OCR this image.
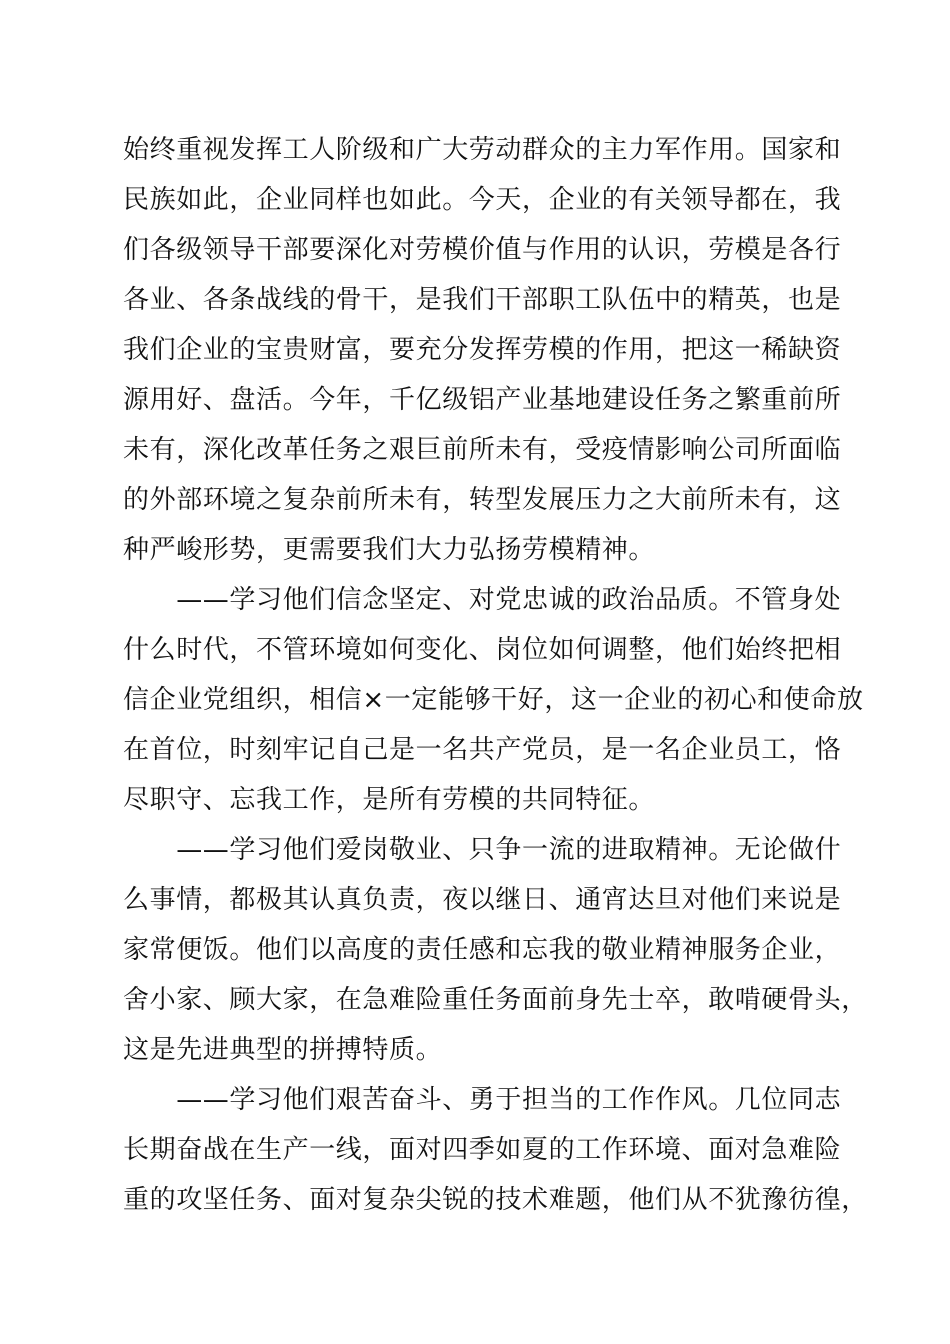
始终重视发挥工人阶级和广大劳动群众的主力军作用。国家和
民族如此，企业同样也如此。今天，企业的有关领导都在，我
们各级领导干部要深化对劳模价值与作用的认识，劳模是各行
各业、各条战线的骨干，是我们干部职工队伍中的精英，也是
我们企业的宝贵财富，要充分发挥劳模的作用，把这一稀缺资
源用好、盘活。今年，千亿级铝产业基地建设任务之繁重前所
未有，深化改革任务之艰巨前所未有，受疫情影响公司所面临
的外部环境之复杂前所未有，转型发展压力之大前所未有，这
种严峻形势，更需要我们大力弘扬劳模精神。
　　——学习他们信念坚定、对党忠诚的政治品质。不管身处
什么时代，不管环境如何变化、岗位如何调整，他们始终把相
信企业党组织，相信×一定能够干好，这一企业的初心和使命放
在首位，时刻牢记自己是一名共产党员，是一名企业员工，恪
尽职守、忘我工作，是所有劳模的共同特征。
　　——学习他们爱岗敬业、只争一流的进取精神。无论做什
么事情，都极其认真负责，夜以继日、通宵达旦对他们来说是
家常便饭。他们以高度的责任感和忘我的敬业精神服务企业，
舍小家、顾大家，在急难险重任务面前身先士卒，敢啃硬骨头，
这是先进典型的拼搏特质。
　　——学习他们艰苦奋斗、勇于担当的工作作风。几位同志
长期奋战在生产一线，面对四季如夏的工作环境、面对急难险
重的攻坚任务、面对复杂尖锐的技术难题，他们从不犹豫彷徨，
